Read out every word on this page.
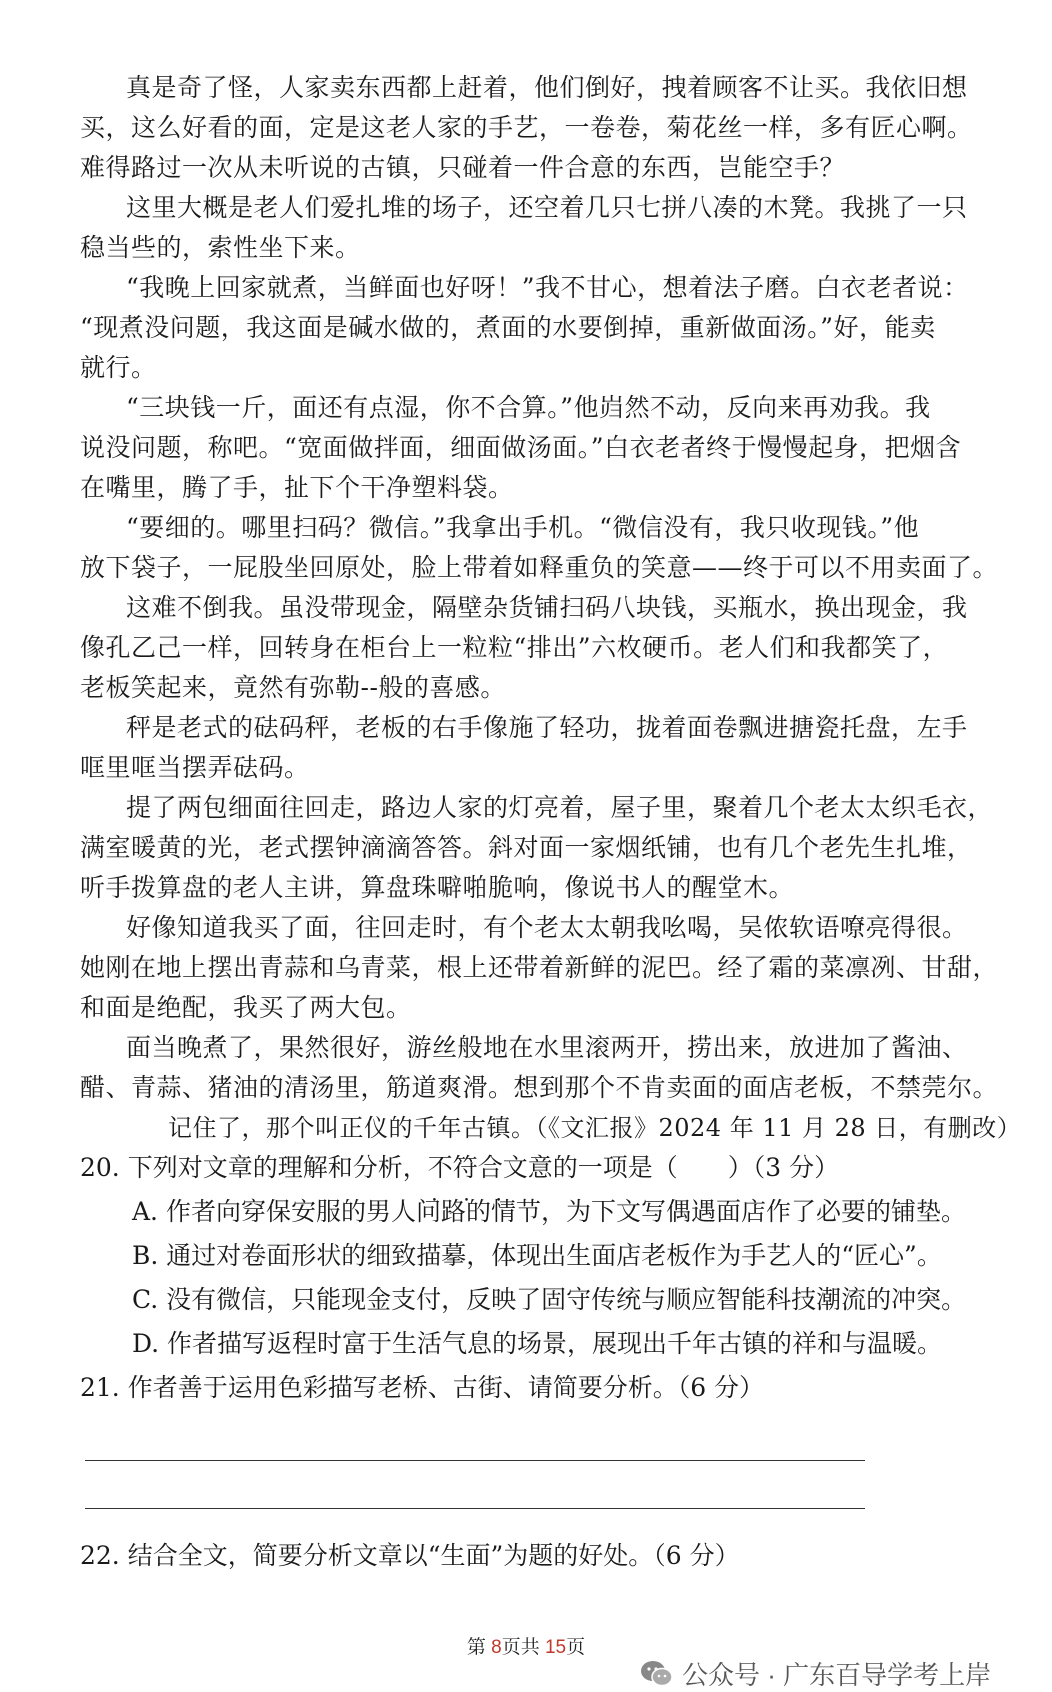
真是奇了怪，人家卖东西都上赶着，他们倒好，拽着顾客不让买。我依旧想
买，这么好看的面，定是这老人家的手艺，一卷卷，菊花丝一样，多有匠心啊。
难得路过一次从未听说的古镇，只碰着一件合意的东西，岂能空手？
这里大概是老人们爱扎堆的场子，还空着几只七拼八凑的木凳。我挑了一只
稳当些的，索性坐下来。
“我晚上回家就煮，当鲜面也好呀！”我不甘心，想着法子磨。白衣老者说：
“现煮没问题，我这面是碱水做的，煮面的水要倒掉，重新做面汤。”好，能卖
就行。
“三块钱一斤，面还有点湿，你不合算。”他岿然不动，反向来再劝我。我
说没问题，称吧。“宽面做拌面，细面做汤面。”白衣老者终于慢慢起身，把烟含
在嘴里，腾了手，扯下个干净塑料袋。
“要细的。哪里扫码？微信。”我拿出手机。“微信没有，我只收现钱。”他
放下袋子，一屁股坐回原处，脸上带着如释重负的笑意——终于可以不用卖面了。
这难不倒我。虽没带现金，隔壁杂货铺扫码八块钱，买瓶水，换出现金，我
像孔乙己一样，回转身在柜台上一粒粒“排出”六枚硬币。老人们和我都笑了，
老板笑起来，竟然有弥勒--般的喜感。
秤是老式的砝码秤，老板的右手像施了轻功，拢着面卷飘进搪瓷托盘，左手
哐里哐当摆弄砝码。
提了两包细面往回走，路边人家的灯亮着，屋子里，聚着几个老太太织毛衣，
满室暖黄的光，老式摆钟滴滴答答。斜对面一家烟纸铺，也有几个老先生扎堆，
听手拨算盘的老人主讲，算盘珠噼啪脆响，像说书人的醒堂木。
好像知道我买了面，往回走时，有个老太太朝我吆喝，吴侬软语嘹亮得很。
她刚在地上摆出青蒜和乌青菜，根上还带着新鲜的泥巴。经了霜的菜凛冽、甘甜，
和面是绝配，我买了两大包。
面当晚煮了，果然很好，游丝般地在水里滚两开，捞出来，放进加了酱油、
醋、青蒜、猪油的清汤里，筋道爽滑。想到那个不肯卖面的面店老板，不禁莞尔。
记住了，那个叫正仪的千年古镇。（《文汇报》2024 年 11 月 28 日，有删改）
20. 下列对文章的理解和分析，不符合 • • •文意的一项是（　　）（3 分）
A. 作者向穿保安服的男人问路的情节，为下文写偶遇面店作了必要的铺垫。
B. 通过对卷面形状的细致描摹，体现出生面店老板作为手艺人的“匠心”。
C. 没有微信，只能现金支付，反映了固守传统与顺应智能科技潮流的冲突。
D. 作者描写返程时富于生活气息的场景，展现出千年古镇的祥和与温暖。
21. 作者善于运用色彩描写老桥、古街、请简要分析。（6 分）
22. 结合全文，简要分析文章以“生面”为题的好处。（6 分）
第 8页共 15页
公众号 · 广东百导学考上岸
